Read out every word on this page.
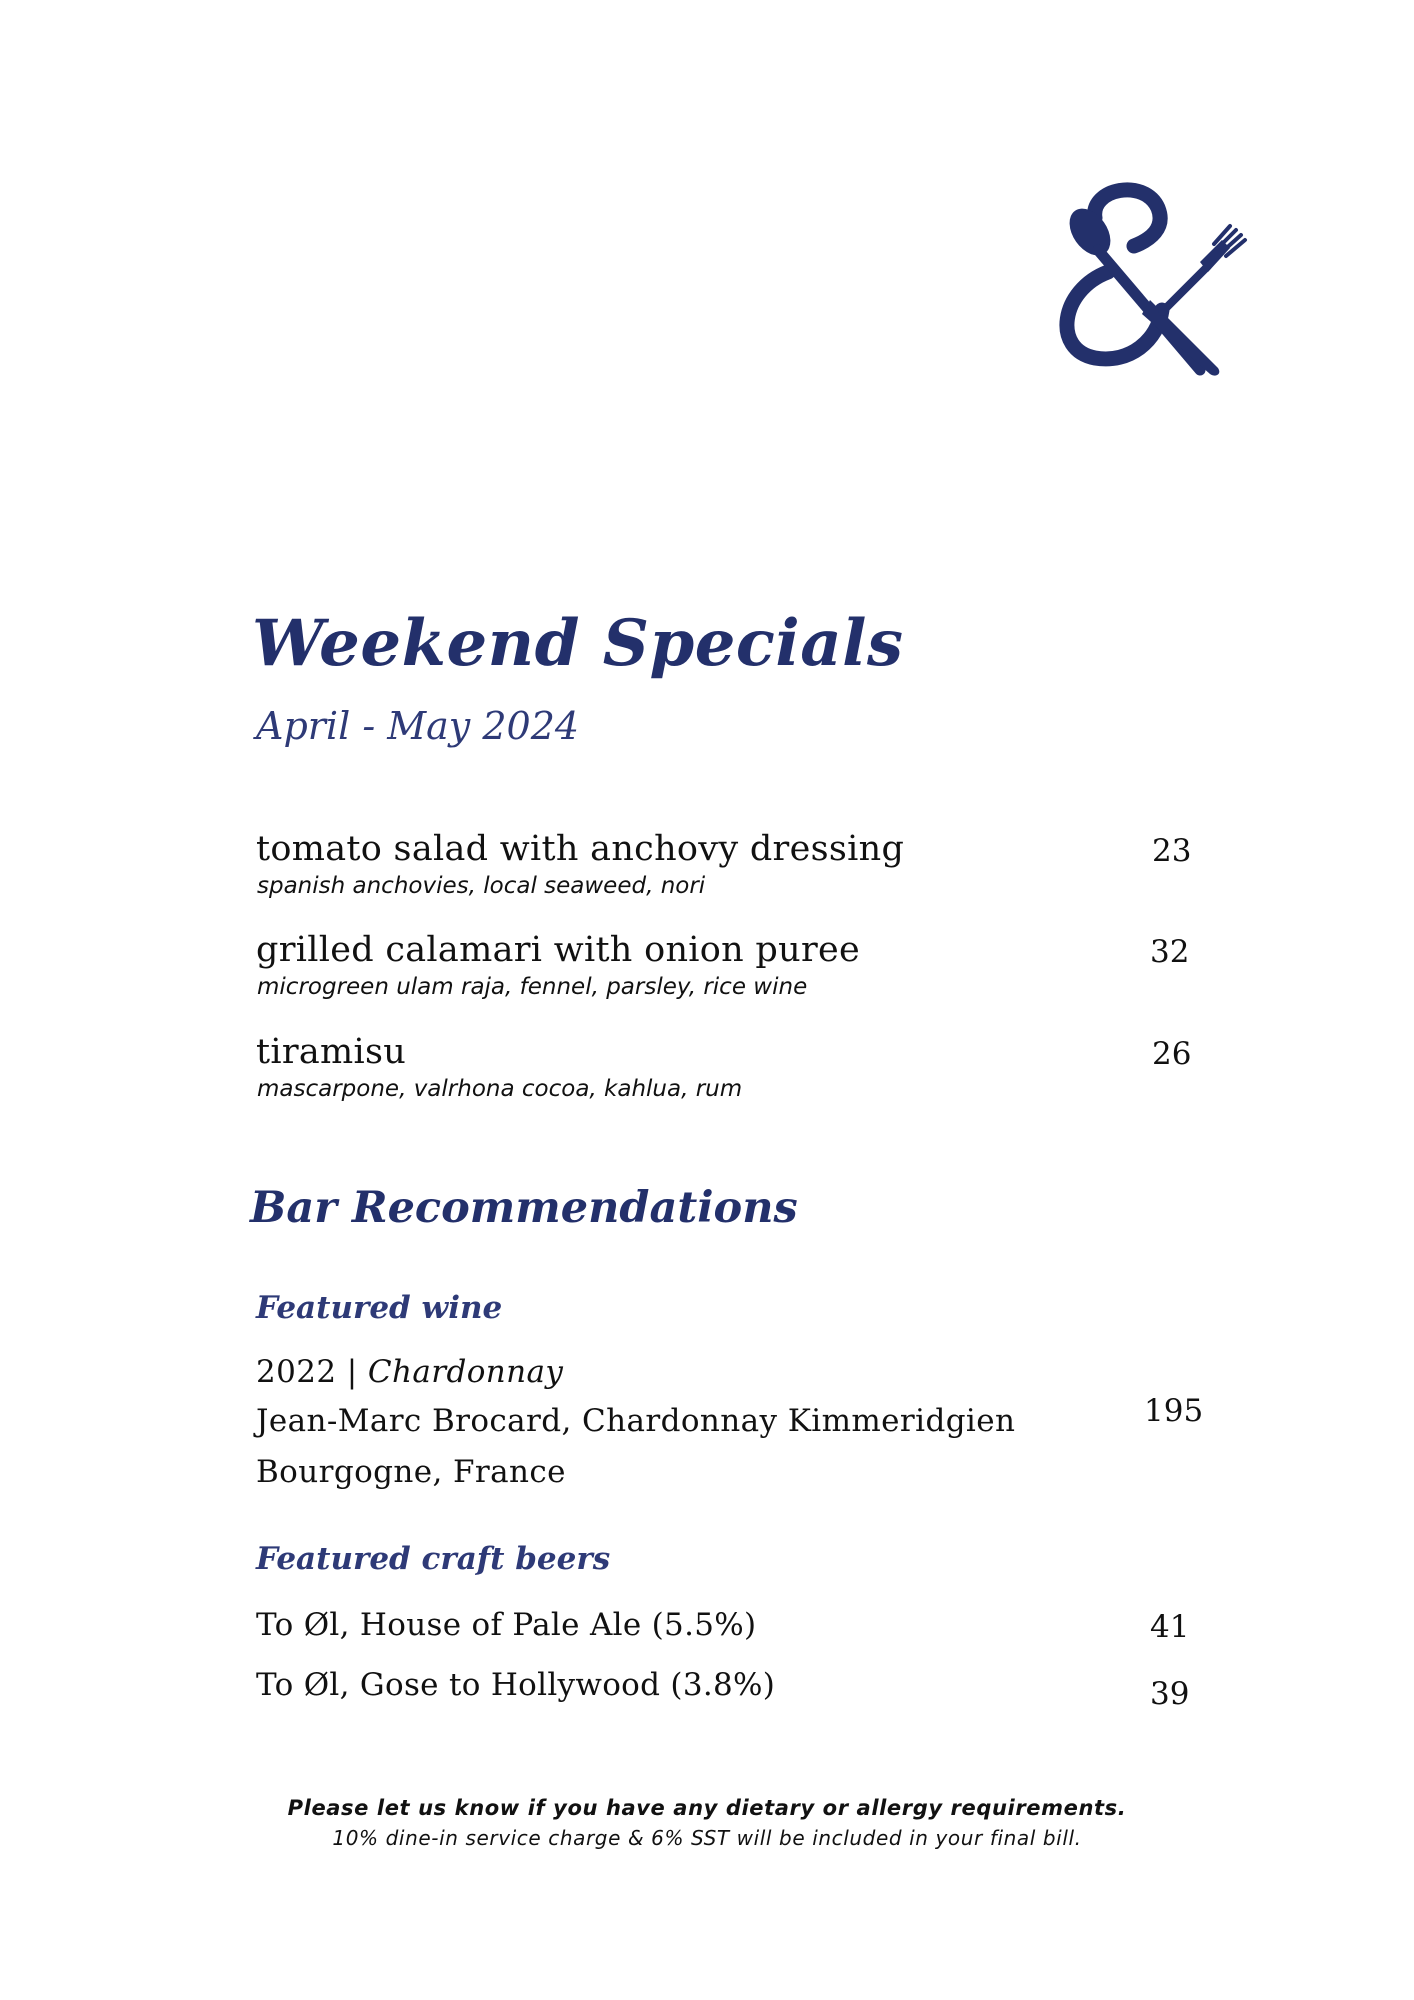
Weekend Specials
April - May 2024
tomato salad with anchovy dressing
spanish anchovies, local seaweed, nori
23
grilled calamari with onion puree
microgreen ulam raja, fennel, parsley, rice wine
32
tiramisu
mascarpone, valrhona cocoa, kahlua, rum
26
Bar Recommendations
Featured wine
2022 | Chardonnay
Jean-Marc Brocard, Chardonnay Kimmeridgien
Bourgogne, France
195
Featured craft beers
To Øl, House of Pale Ale (5.5%)	41
To Øl, Gose to Hollywood (3.8%)	39
Please let us know if you have any dietary or allergy requirements.
10% dine-in service charge & 6% SST will be included in your final bill.
